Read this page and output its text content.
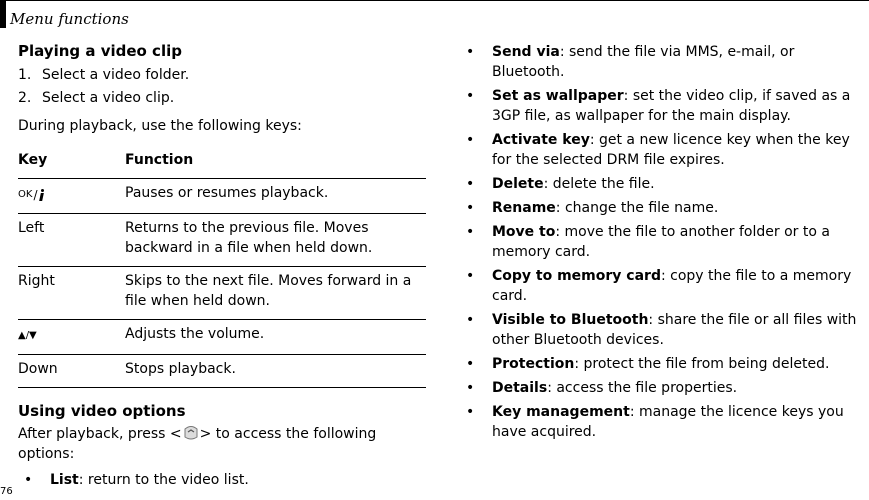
Menu functions
Playing a video clip
1. Select a video folder.
2. Select a video clip.

During playback, use the following keys:

Key	Function

OK /	Pauses or resumes playback.
Left	Returns to the previous file. Moves backward in a file when held down.
Right	Skips to the next file. Moves forward in a file when held down.
▲/▼	Adjusts the volume.
Down	Stops playback.
Using video options

After playback, press < > to access the following options:

•	List: return to the video list.
•	Send via: send the file via MMS, e-mail, or Bluetooth.
•	Set as wallpaper: set the video clip, if saved as a 3GP file, as wallpaper for the main display.
•	Activate key: get a new licence key when the key for the selected DRM file expires.
•	Delete: delete the file.
•	Rename: change the file name.
•	Move to: move the file to another folder or to a memory card.
•	Copy to memory card: copy the file to a memory card.
•	Visible to Bluetooth: share the file or all files with other Bluetooth devices.
•	Protection: protect the file from being deleted.
•	Details: access the file properties.
•	Key management: manage the licence keys you have acquired.
76
